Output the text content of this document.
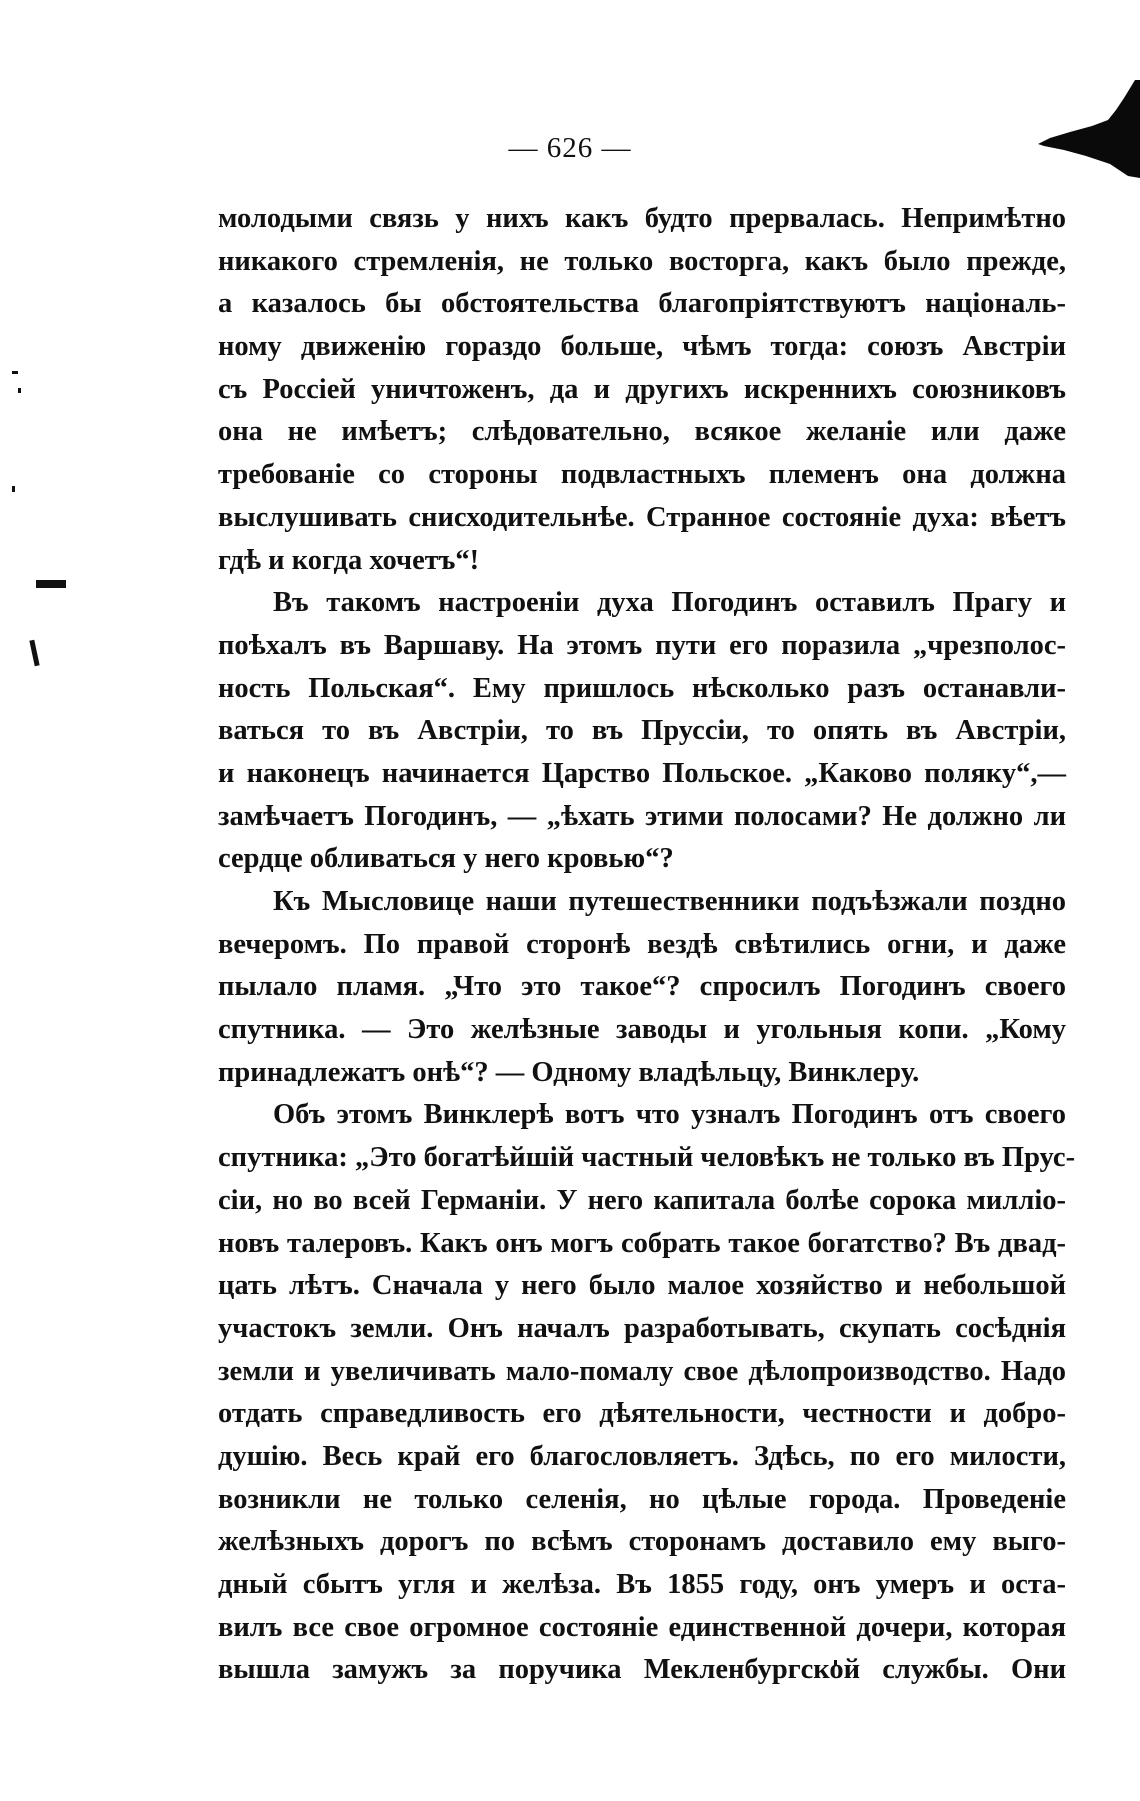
— 626 —
молодыми связь у нихъ какъ будто прервалась. Непримѣтно
никакого стремленія, не только восторга, какъ было прежде,
а казалось бы обстоятельства благопріятствуютъ національ-
ному движенію гораздо больше, чѣмъ тогда: союзъ Австріи
съ Россіей уничтоженъ, да и другихъ искреннихъ союзниковъ
она не имѣетъ; слѣдовательно, всякое желаніе или даже
требованіе со стороны подвластныхъ племенъ она должна
выслушивать снисходительнѣе. Странное состояніе духа: вѣетъ
гдѣ и когда хочетъ“!
Въ такомъ настроеніи духа Погодинъ оставилъ Прагу и
поѣхалъ въ Варшаву. На этомъ пути его поразила „чрезполос-
ность Польская“. Ему пришлось нѣсколько разъ останавли-
ваться то въ Австріи, то въ Пруссіи, то опять въ Австріи,
и наконецъ начинается Царство Польское. „Каково поляку“,—
замѣчаетъ Погодинъ, — „ѣхать этими полосами? Не должно ли
сердце обливаться у него кровью“?
Къ Мысловице наши путешественники подъѣзжали поздно
вечеромъ. По правой сторонѣ вездѣ свѣтились огни, и даже
пылало пламя. „Что это такое“? спросилъ Погодинъ своего
спутника. — Это желѣзные заводы и угольныя копи. „Кому
принадлежатъ онѣ“? — Одному владѣльцу, Винклеру.
Объ этомъ Винклерѣ вотъ что узналъ Погодинъ отъ своего
спутника: „Это богатѣйшій частный человѣкъ не только въ Прус-
сіи, но во всей Германіи. У него капитала болѣе сорока милліо-
новъ талеровъ. Какъ онъ могъ собрать такое богатство? Въ двад-
цать лѣтъ. Сначала у него было малое хозяйство и небольшой
участокъ земли. Онъ началъ разработывать, скупать сосѣднія
земли и увеличивать мало-помалу свое дѣлопроизводство. Надо
отдать справедливость его дѣятельности, честности и добро-
душію. Весь край его благословляетъ. Здѣсь, по его милости,
возникли не только селенія, но цѣлые города. Проведеніе
желѣзныхъ дорогъ по всѣмъ сторонамъ доставило ему выго-
дный сбытъ угля и желѣза. Въ 1855 году, онъ умеръ и оста-
вилъ все свое огромное состояніе единственной дочери, которая
вышла замужъ за поручика Мекленбургской службы. Они
